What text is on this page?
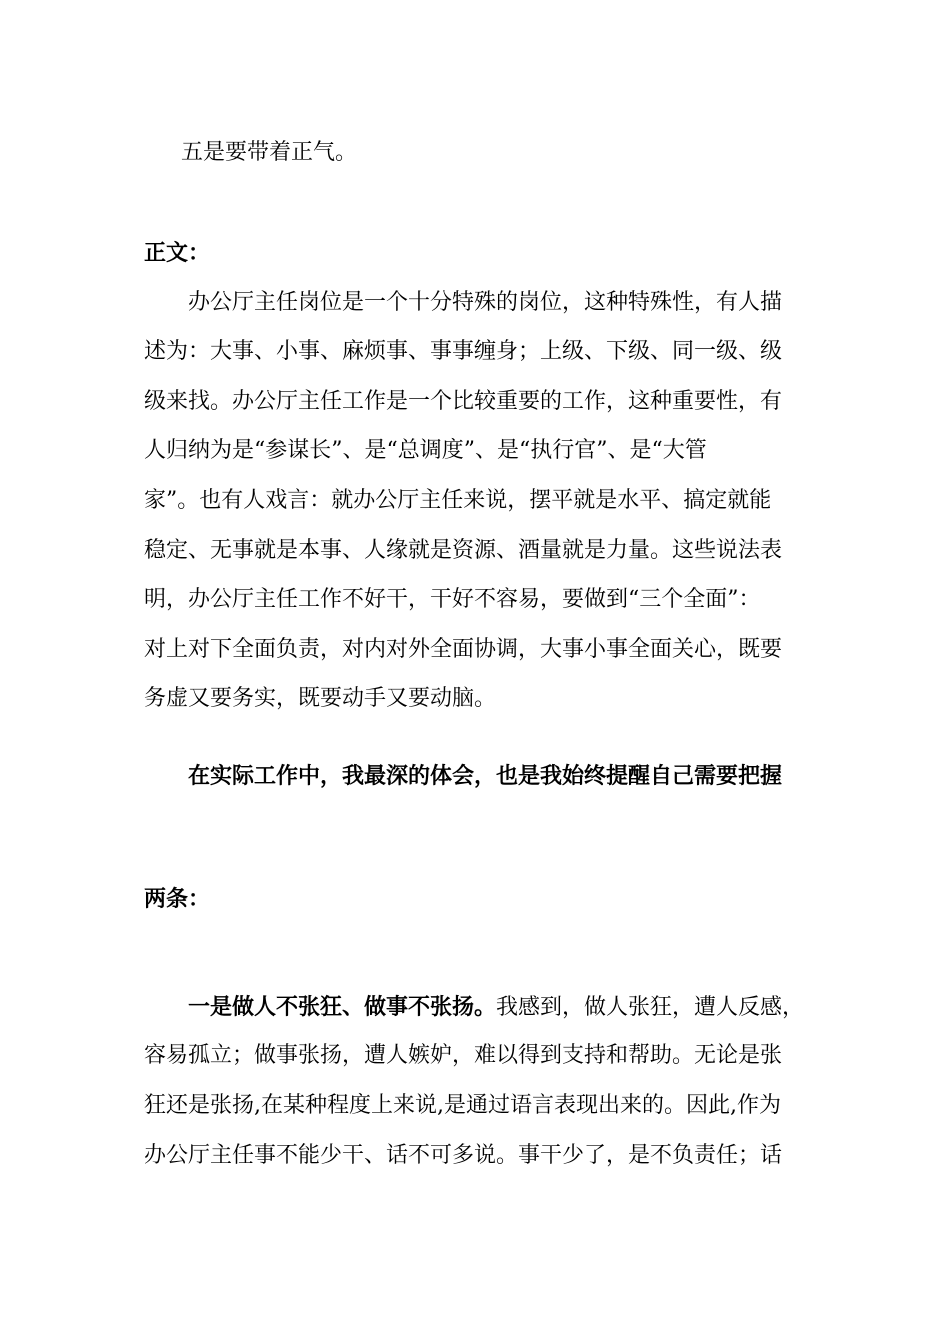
五是要带着正气。
正文：
办公厅主任岗位是一个十分特殊的岗位，这种特殊性，有人描
述为：大事、小事、麻烦事、事事缠身；上级、下级、同一级、级
级来找。办公厅主任工作是一个比较重要的工作，这种重要性，有
人归纳为是“参谋长”、是“总调度”、是“执行官”、是“大管
家”。也有人戏言：就办公厅主任来说，摆平就是水平、搞定就能
稳定、无事就是本事、人缘就是资源、酒量就是力量。这些说法表
明，办公厅主任工作不好干，干好不容易，要做到“三个全面”：
对上对下全面负责，对内对外全面协调，大事小事全面关心，既要
务虚又要务实，既要动手又要动脑。
在实际工作中，我最深的体会，也是我始终提醒自己需要把握
两条：
一是做人不张狂、做事不张扬。我感到，做人张狂，遭人反感，
容易孤立；做事张扬，遭人嫉妒，难以得到支持和帮助。无论是张
狂还是张扬,在某种程度上来说,是通过语言表现出来的。因此,作为
办公厅主任事不能少干、话不可多说。事干少了，是不负责任；话
